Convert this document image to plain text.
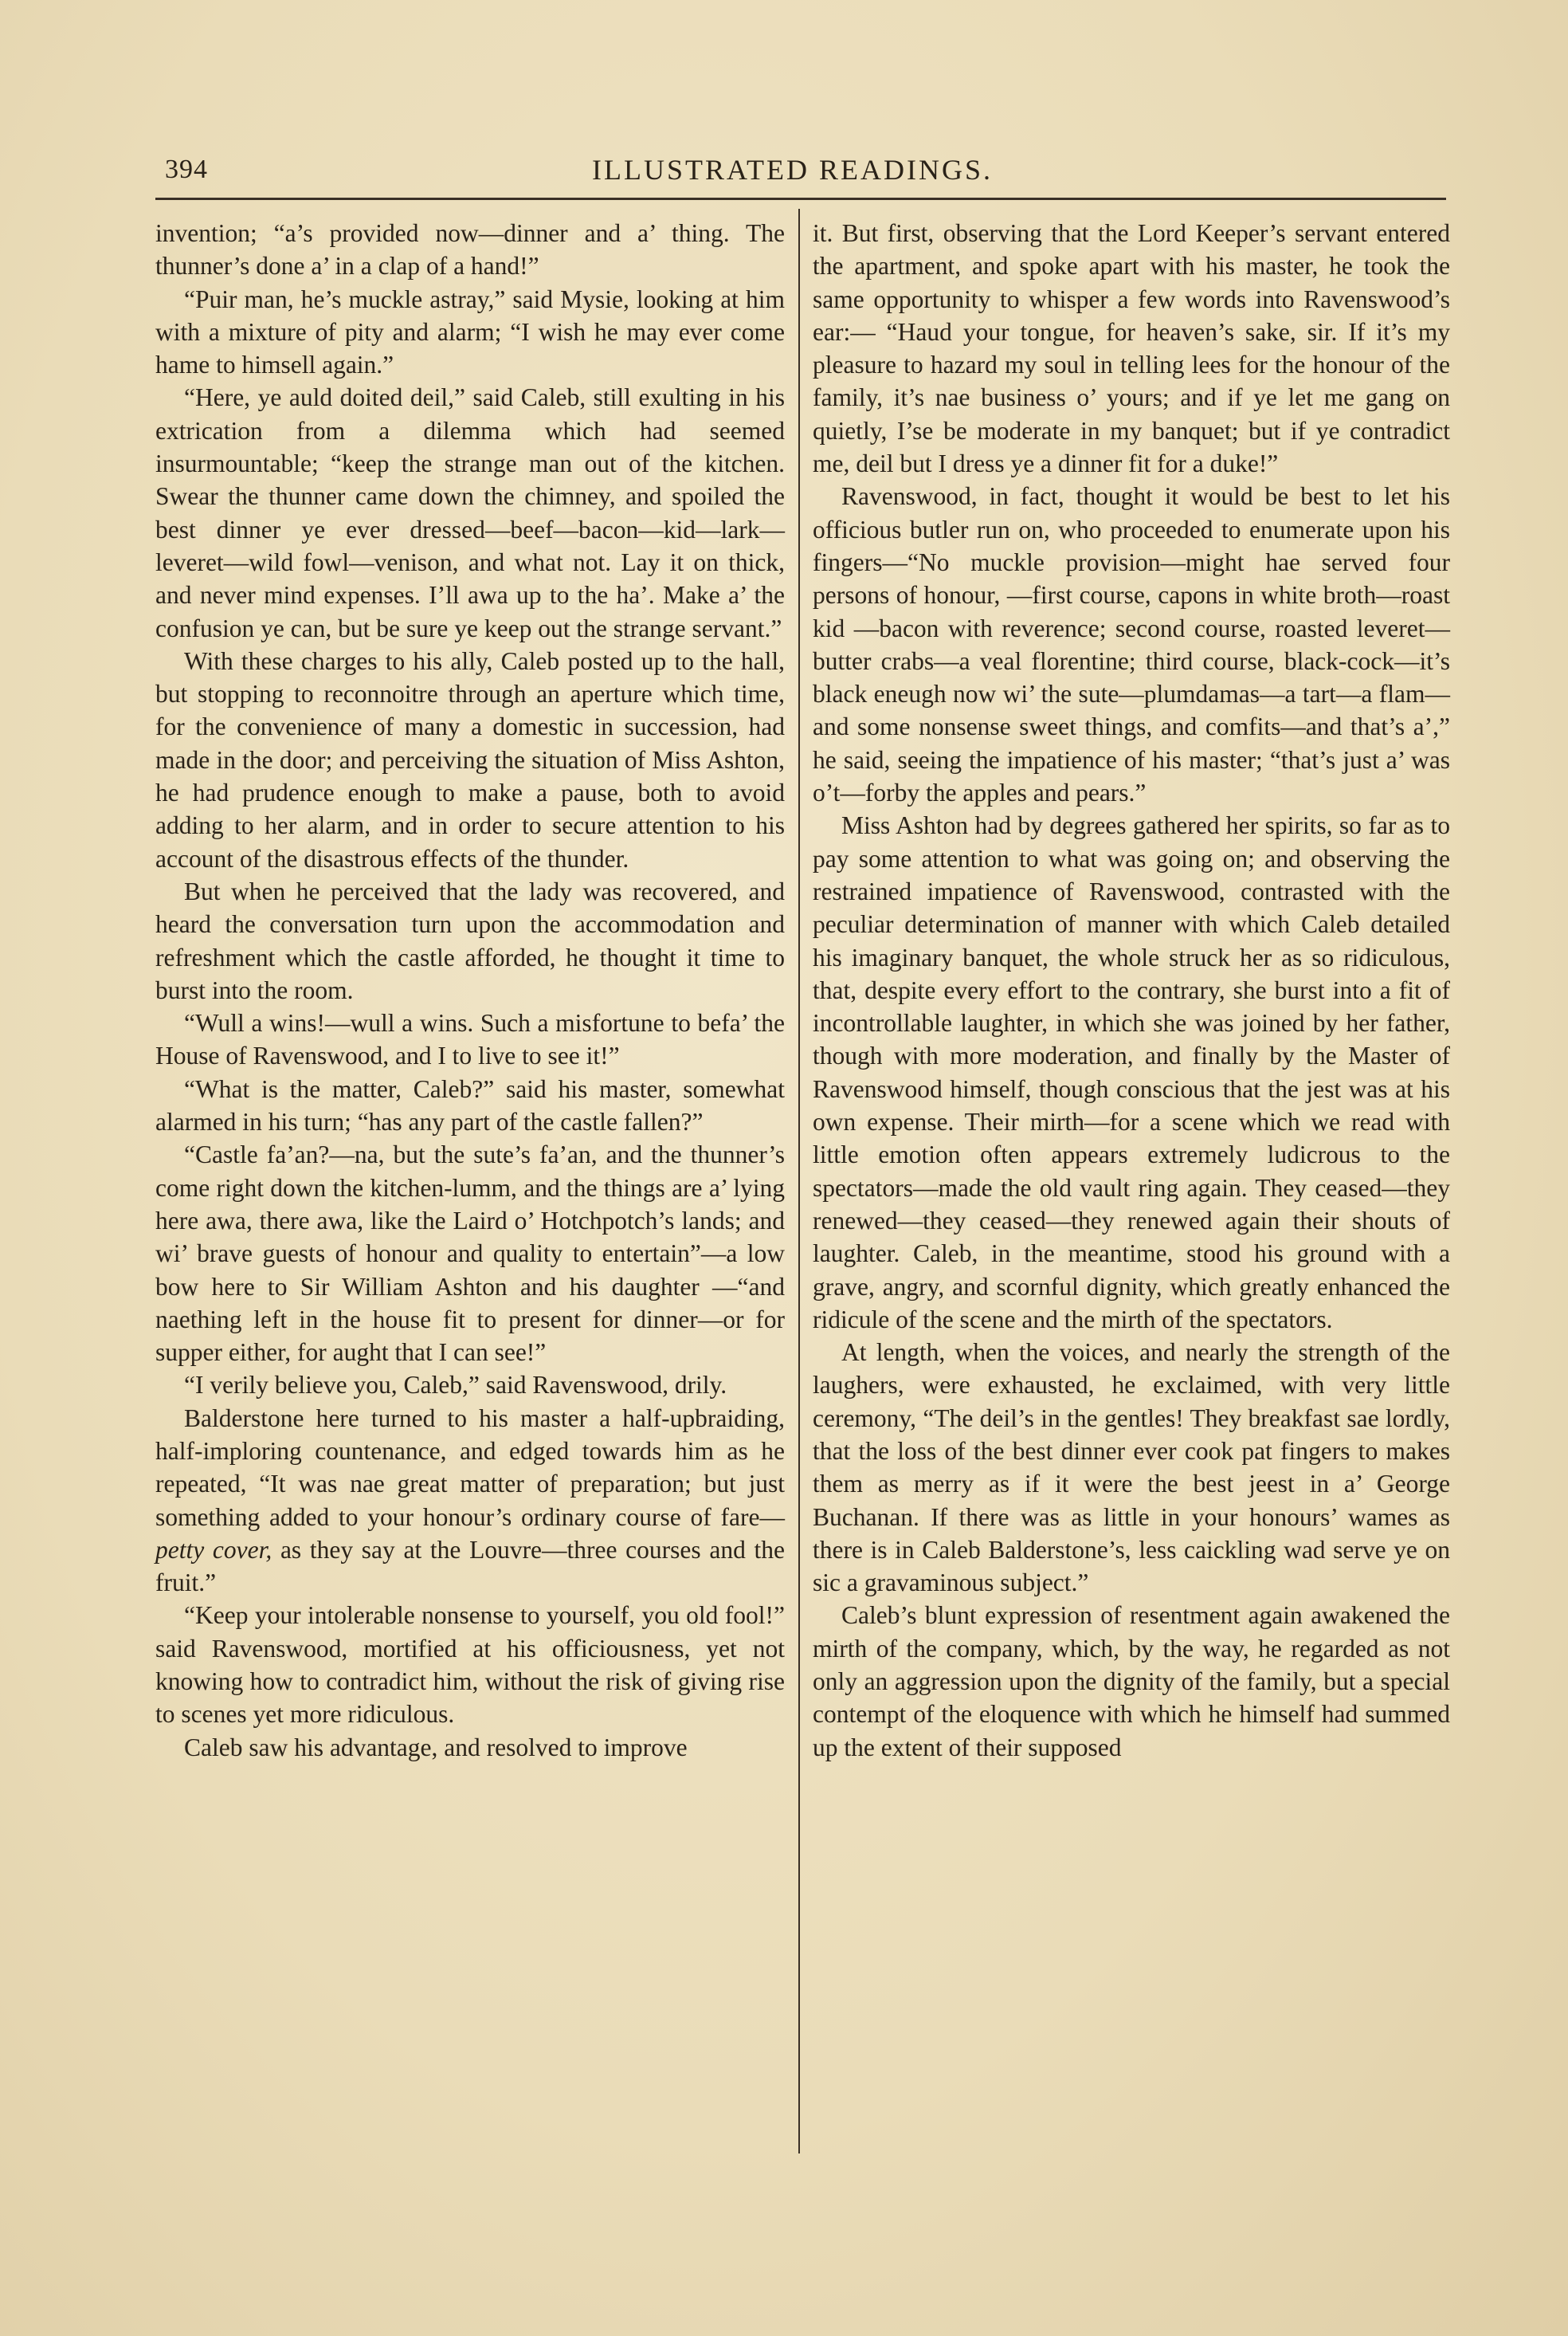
394	ILLUSTRATED READINGS.

invention; “a’s provided now—dinner and a’ thing. The thunner’s done a’ in a clap of a hand!”

“Puir man, he’s muckle astray,” said Mysie, looking at him with a mixture of pity and alarm; “I wish he may ever come hame to himsell again.”

“Here, ye auld doited deil,” said Caleb, still exulting in his extrication from a dilemma which had seemed insurmountable; “keep the strange man out of the kitchen. Swear the thunner came down the chimney, and spoiled the best dinner ye ever dressed—beef—bacon—kid—lark—leveret—wild fowl—venison, and what not. Lay it on thick, and never mind expenses. I’ll awa up to the ha’. Make a’ the confusion ye can, but be sure ye keep out the strange servant.”

With these charges to his ally, Caleb posted up to the hall, but stopping to reconnoitre through an aperture which time, for the convenience of many a domestic in succession, had made in the door; and perceiving the situation of Miss Ashton, he had prudence enough to make a pause, both to avoid adding to her alarm, and in order to secure attention to his account of the disastrous effects of the thunder.

But when he perceived that the lady was recovered, and heard the conversation turn upon the accommodation and refreshment which the castle afforded, he thought it time to burst into the room.

“Wull a wins!—wull a wins. Such a misfortune to befa’ the House of Ravenswood, and I to live to see it!”

“What is the matter, Caleb?” said his master, somewhat alarmed in his turn; “has any part of the castle fallen?”

“Castle fa’an?—na, but the sute’s fa’an, and the thunner’s come right down the kitchen-lumm, and the things are a’ lying here awa, there awa, like the Laird o’ Hotchpotch’s lands; and wi’ brave guests of honour and quality to entertain”—a low bow here to Sir William Ashton and his daughter —“and naething left in the house fit to present for dinner—or for supper either, for aught that I can see!”

“I verily believe you, Caleb,” said Ravenswood, drily.

Balderstone here turned to his master a half-upbraiding, half-imploring countenance, and edged towards him as he repeated, “It was nae great matter of preparation; but just something added to your honour’s ordinary course of fare—petty cover, as they say at the Louvre—three courses and the fruit.”

“Keep your intolerable nonsense to yourself, you old fool!” said Ravenswood, mortified at his officiousness, yet not knowing how to contradict him, without the risk of giving rise to scenes yet more ridiculous.

Caleb saw his advantage, and resolved to improve

it. But first, observing that the Lord Keeper’s servant entered the apartment, and spoke apart with his master, he took the same opportunity to whisper a few words into Ravenswood’s ear:— “Haud your tongue, for heaven’s sake, sir. If it’s my pleasure to hazard my soul in telling lees for the honour of the family, it’s nae business o’ yours; and if ye let me gang on quietly, I’se be moderate in my banquet; but if ye contradict me, deil but I dress ye a dinner fit for a duke!”

Ravenswood, in fact, thought it would be best to let his officious butler run on, who proceeded to enumerate upon his fingers—“No muckle provision—might hae served four persons of honour, —first course, capons in white broth—roast kid —bacon with reverence; second course, roasted leveret—butter crabs—a veal florentine; third course, black-cock—it’s black eneugh now wi’ the sute—plumdamas—a tart—a flam—and some nonsense sweet things, and comfits—and that’s a’,” he said, seeing the impatience of his master; “that’s just a’ was o’t—forby the apples and pears.”

Miss Ashton had by degrees gathered her spirits, so far as to pay some attention to what was going on; and observing the restrained impatience of Ravenswood, contrasted with the peculiar determination of manner with which Caleb detailed his imaginary banquet, the whole struck her as so ridiculous, that, despite every effort to the contrary, she burst into a fit of incontrollable laughter, in which she was joined by her father, though with more moderation, and finally by the Master of Ravenswood himself, though conscious that the jest was at his own expense. Their mirth—for a scene which we read with little emotion often appears extremely ludicrous to the spectators—made the old vault ring again. They ceased—they renewed—they ceased—they renewed again their shouts of laughter. Caleb, in the meantime, stood his ground with a grave, angry, and scornful dignity, which greatly enhanced the ridicule of the scene and the mirth of the spectators.

At length, when the voices, and nearly the strength of the laughers, were exhausted, he exclaimed, with very little ceremony, “The deil’s in the gentles! They breakfast sae lordly, that the loss of the best dinner ever cook pat fingers to makes them as merry as if it were the best jeest in a’ George Buchanan. If there was as little in your honours’ wames as there is in Caleb Balderstone’s, less caickling wad serve ye on sic a gravaminous subject.”

Caleb’s blunt expression of resentment again awakened the mirth of the company, which, by the way, he regarded as not only an aggression upon the dignity of the family, but a special contempt of the eloquence with which he himself had summed up the extent of their supposed
